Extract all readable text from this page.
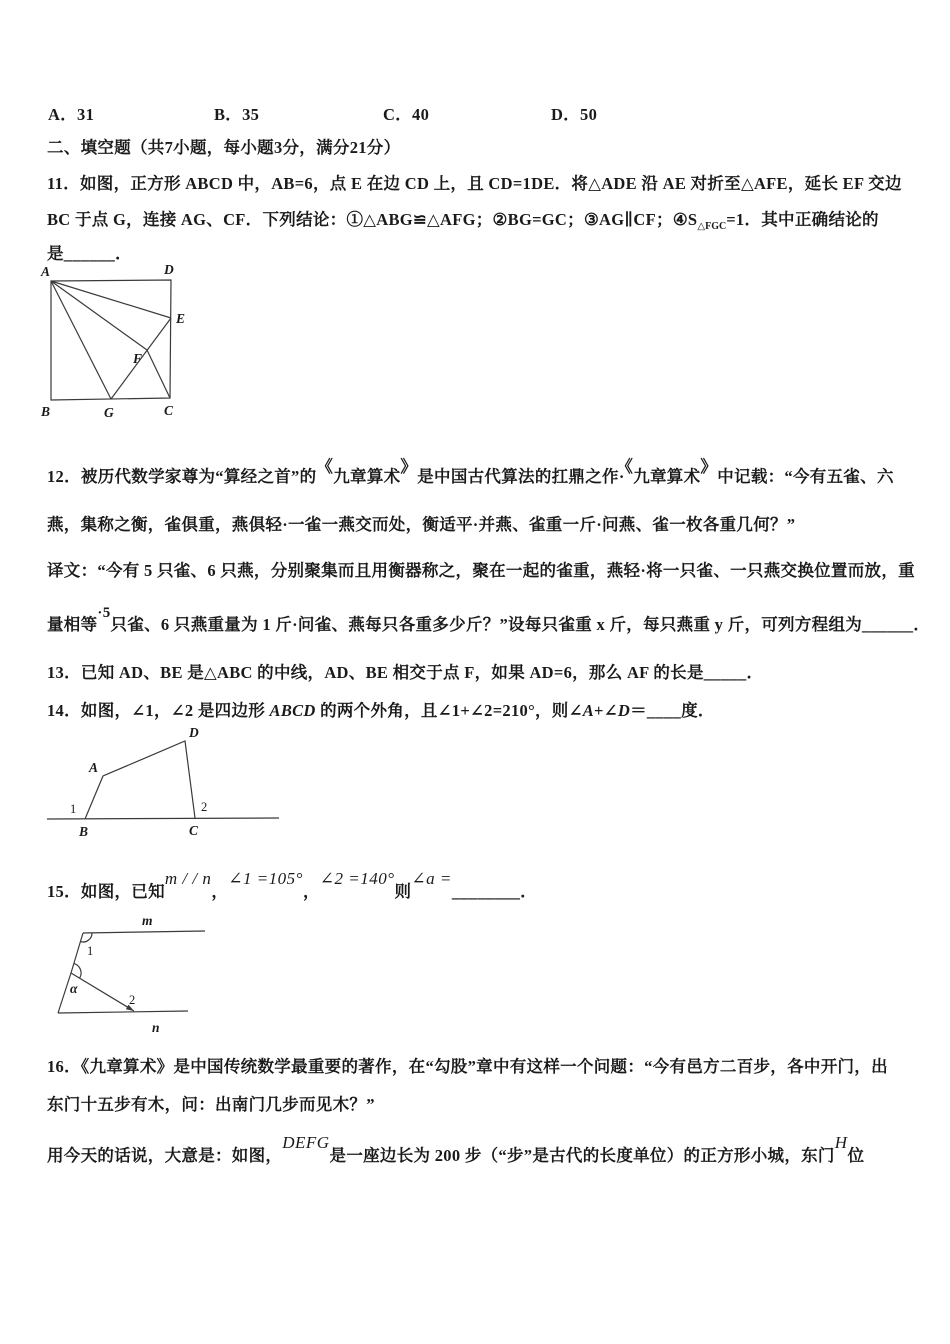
A．31	B．35	C．40	D．50
二、填空题（共7小题，每小题3分，满分21分）
11．如图，正方形 ABCD 中，AB=6，点 E 在边 CD 上，且 CD=1DE．将△ADE 沿 AE 对折至△AFE，延长 EF 交边
BC 于点 G，连接 AG、CF．下列结论：①△ABG≌△AFG；②BG=GC；③AG∥CF；$④S_{\triangle FGC}=1$．其中正确结论的
是______．
A	D
E
F
B	G	C
12．被历代数学家尊为“算经之首”的《九章算术》是中国古代算法的扛鼎之作·《九章算术》中记载：“今有五雀、六
燕，集称之衡，雀俱重，燕俱轻·一雀一燕交而处，衡适平·并燕、雀重一斤·问燕、雀一枚各重几何？”
译文：“今有 5 只雀、6 只燕，分别聚集而且用衡器称之，聚在一起的雀重，燕轻·将一只雀、一只燕交换位置而放，重
量相等·5只雀、6 只燕重量为 1 斤·问雀、燕每只各重多少斤？”设每只雀重 x 斤，每只燕重 y 斤，可列方程组为______．
13．已知 AD、BE 是△ABC 的中线，AD、BE 相交于点 F，如果 AD=6，那么 AF 的长是_____．
14．如图，∠1，∠2 是四边形 ABCD 的两个外角，且∠1+∠2=210°，则∠A+∠D＝____度．
A
D
B	C
1	2
15．如图，已知m / / n，∠1 =105°，∠2 =140°则∠a =________．
m
n
1
2
α
16．《九章算术》是中国传统数学最重要的著作，在“勾股”章中有这样一个问题：“今有邑方二百步，各中开门，出
东门十五步有木，问：出南门几步而见木？”
用今天的话说，大意是：如图，DEFG是一座边长为 200 步（“步”是古代的长度单位）的正方形小城，东门H位
